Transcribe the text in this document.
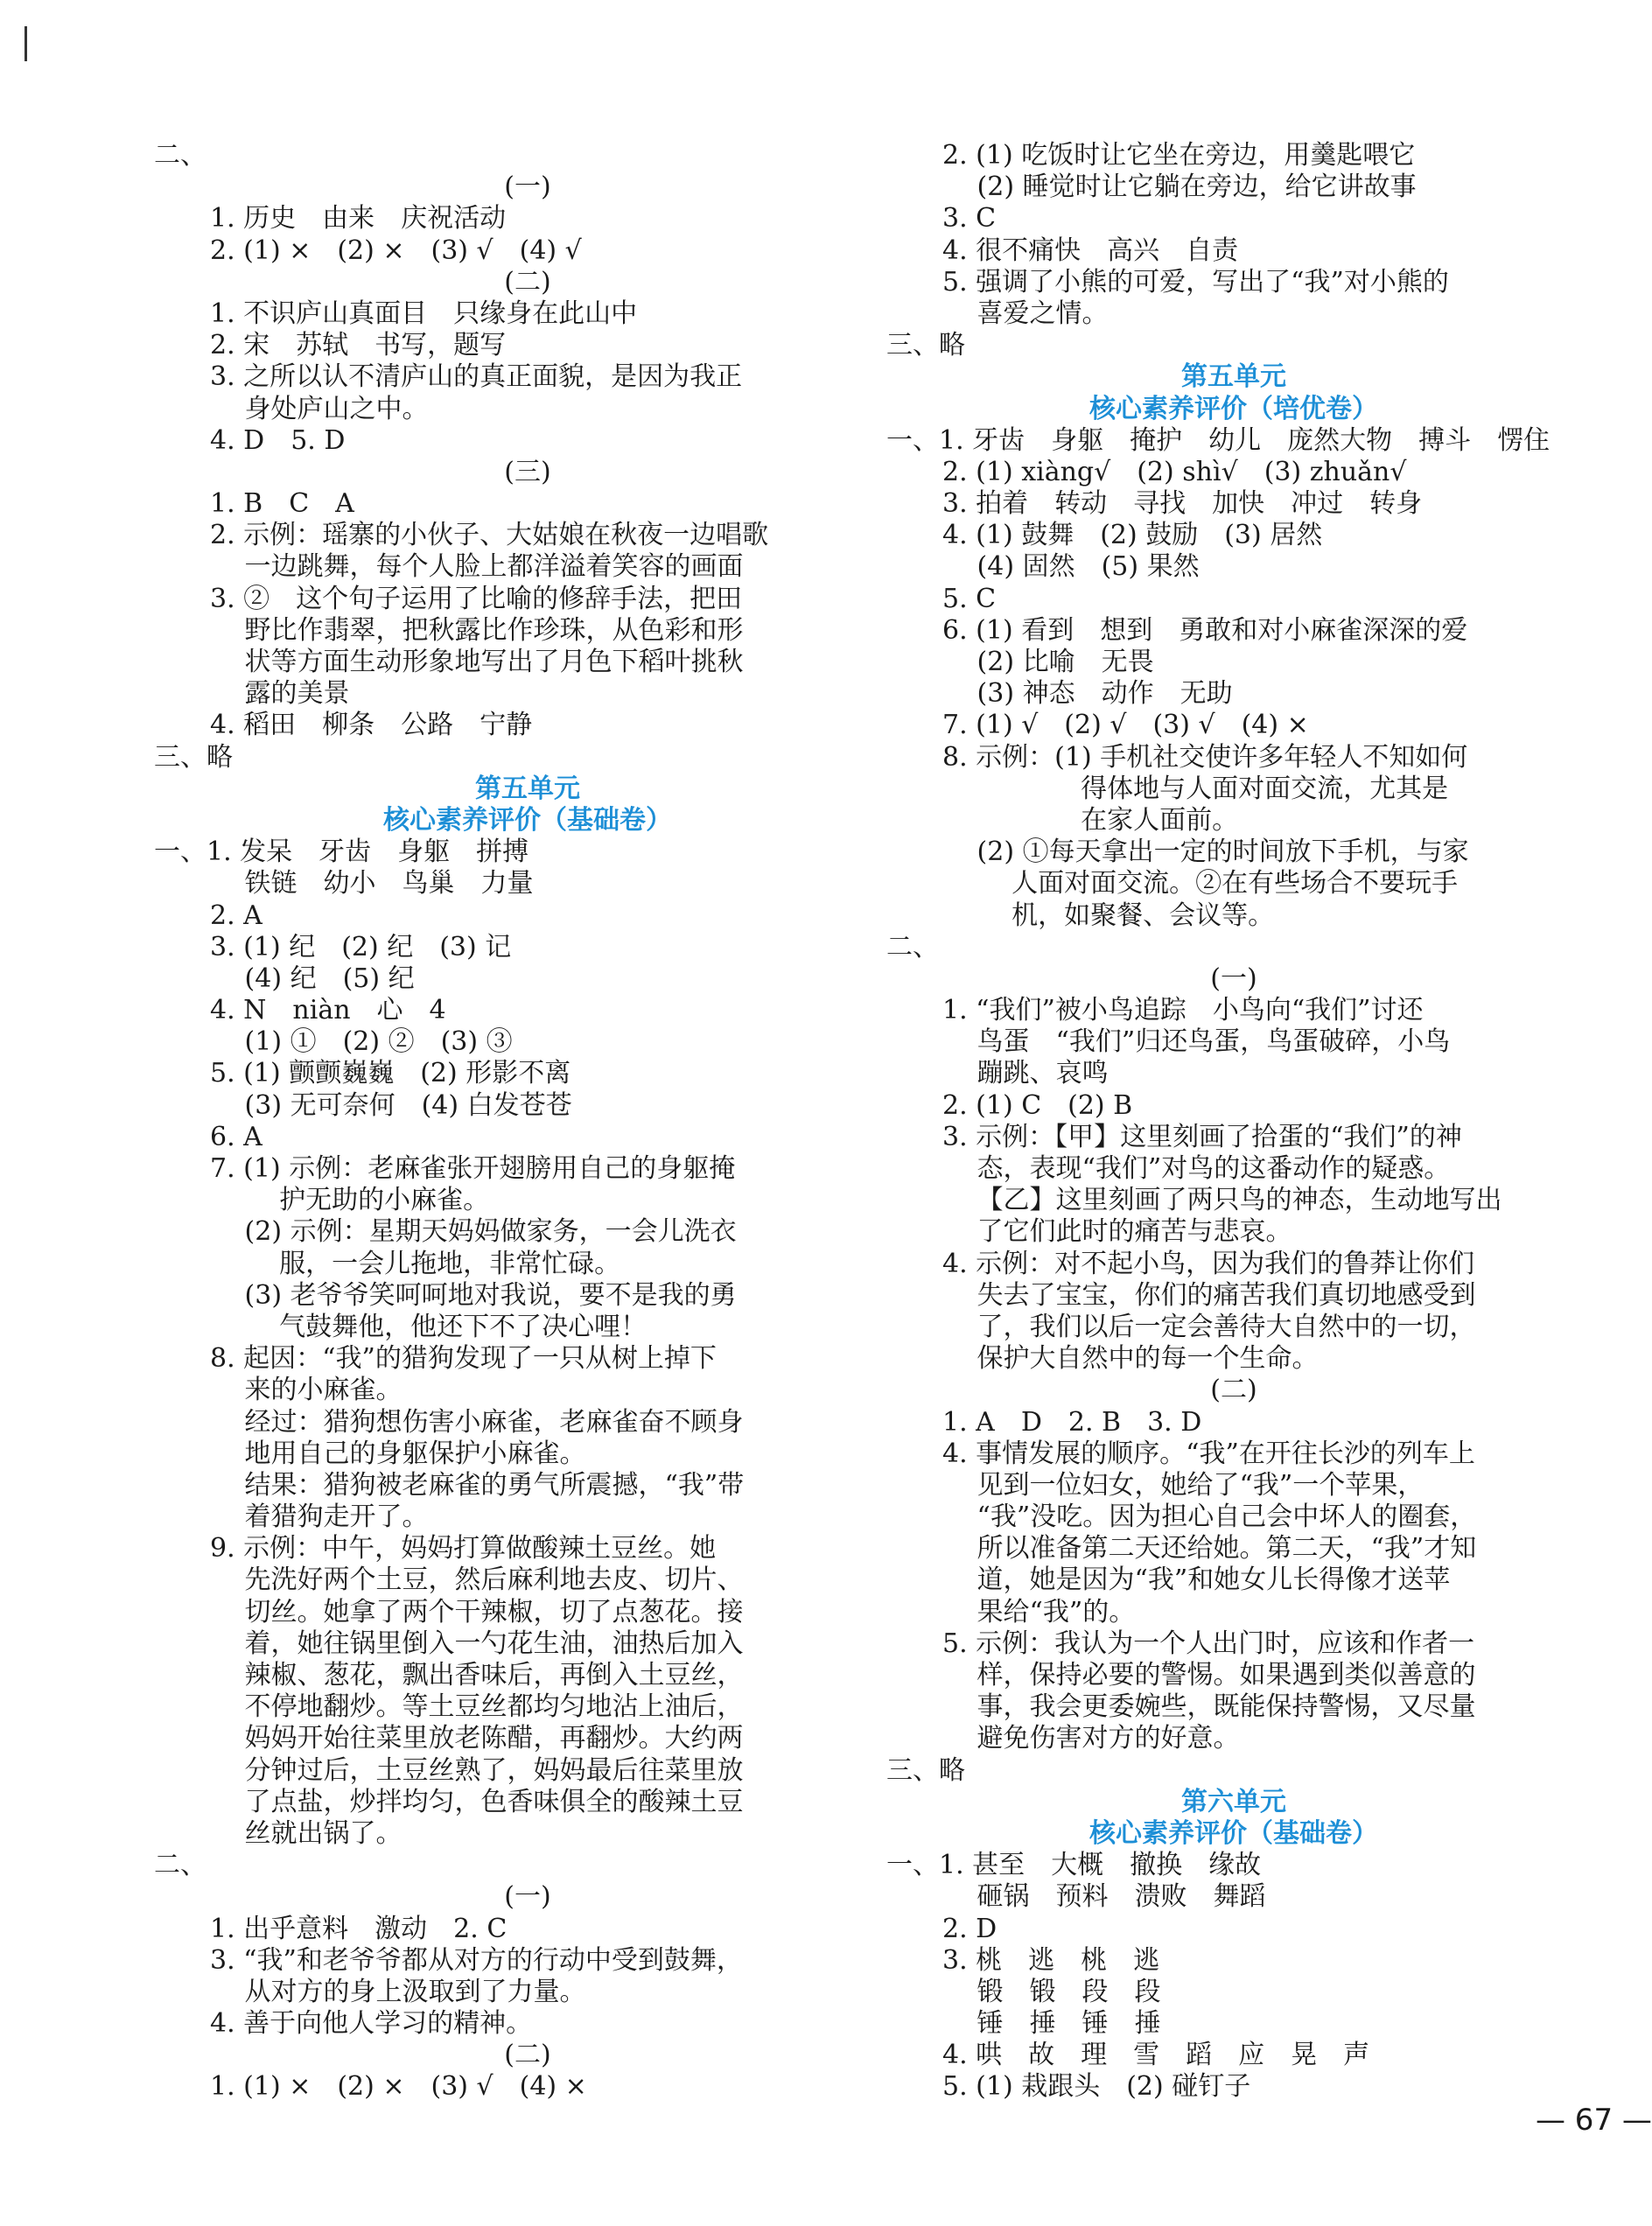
二、
(一)
1. 历史　由来　庆祝活动
2. (1) ×　(2) ×　(3) √　(4) √
(二)
1. 不识庐山真面目　只缘身在此山中
2. 宋　苏轼　书写，题写
3. 之所以认不清庐山的真正面貌，是因为我正
　 身处庐山之中。
4. D　5. D
(三)
1. B　C　A
2. 示例：瑶寨的小伙子、大姑娘在秋夜一边唱歌
　 一边跳舞，每个人脸上都洋溢着笑容的画面
3. ②　这个句子运用了比喻的修辞手法，把田
　 野比作翡翠，把秋露比作珍珠，从色彩和形
　 状等方面生动形象地写出了月色下稻叶挑秋
　 露的美景
4. 稻田　柳条　公路　宁静
三、略
第五单元
核心素养评价（基础卷）
一、1. 发呆　牙齿　身躯　拼搏
　 铁链　幼小　鸟巢　力量
2. A
3. (1) 纪　(2) 纪　(3) 记
　 (4) 纪　(5) 纪
4. N　niàn　心　4
　 (1) ①　(2) ②　(3) ③
5. (1) 颤颤巍巍　(2) 形影不离
　 (3) 无可奈何　(4) 白发苍苍
6. A
7. (1) 示例：老麻雀张开翅膀用自己的身躯掩
　 　 护无助的小麻雀。
　 (2) 示例：星期天妈妈做家务，一会儿洗衣
　 　 服，一会儿拖地，非常忙碌。
　 (3) 老爷爷笑呵呵地对我说，要不是我的勇
　 　 气鼓舞他，他还下不了决心哩！
8. 起因：“我”的猎狗发现了一只从树上掉下
　 来的小麻雀。
　 经过：猎狗想伤害小麻雀，老麻雀奋不顾身
　 地用自己的身躯保护小麻雀。
　 结果：猎狗被老麻雀的勇气所震撼，“我”带
　 着猎狗走开了。
9. 示例：中午，妈妈打算做酸辣土豆丝。她
　 先洗好两个土豆，然后麻利地去皮、切片、
　 切丝。她拿了两个干辣椒，切了点葱花。接
　 着，她往锅里倒入一勺花生油，油热后加入
　 辣椒、葱花，飘出香味后，再倒入土豆丝，
　 不停地翻炒。等土豆丝都均匀地沾上油后，
　 妈妈开始往菜里放老陈醋，再翻炒。大约两
　 分钟过后，土豆丝熟了，妈妈最后往菜里放
　 了点盐，炒拌均匀，色香味俱全的酸辣土豆
　 丝就出锅了。
二、
(一)
1. 出乎意料　激动　2. C
3. “我”和老爷爷都从对方的行动中受到鼓舞，
　 从对方的身上汲取到了力量。
4. 善于向他人学习的精神。
(二)
1. (1) ×　(2) ×　(3) √　(4) ×
2. (1) 吃饭时让它坐在旁边，用羹匙喂它
　 (2) 睡觉时让它躺在旁边，给它讲故事
3. C
4. 很不痛快　高兴　自责
5. 强调了小熊的可爱，写出了“我”对小熊的
　 喜爱之情。
三、略
第五单元
核心素养评价（培优卷）
一、1. 牙齿　身躯　掩护　幼儿　庞然大物　搏斗　愣住
2. (1) xiàng√　(2) shì√　(3) zhuǎn√
3. 拍着　转动　寻找　加快　冲过　转身
4. (1) 鼓舞　(2) 鼓励　(3) 居然
　 (4) 固然　(5) 果然
5. C
6. (1) 看到　想到　勇敢和对小麻雀深深的爱
　 (2) 比喻　无畏
　 (3) 神态　动作　无助
7. (1) √　(2) √　(3) √　(4) ×
8. 示例：(1) 手机社交使许多年轻人不知如何
　 　 　 　 得体地与人面对面交流，尤其是
　 　 　 　 在家人面前。
　 (2) ①每天拿出一定的时间放下手机，与家
　 　 人面对面交流。②在有些场合不要玩手
　 　 机，如聚餐、会议等。
二、
(一)
1. “我们”被小鸟追踪　小鸟向“我们”讨还
　 鸟蛋　“我们”归还鸟蛋，鸟蛋破碎，小鸟
　 蹦跳、哀鸣
2. (1) C　(2) B
3. 示例：【甲】这里刻画了拾蛋的“我们”的神
　 态，表现“我们”对鸟的这番动作的疑惑。
　 【乙】这里刻画了两只鸟的神态，生动地写出
　 了它们此时的痛苦与悲哀。
4. 示例：对不起小鸟，因为我们的鲁莽让你们
　 失去了宝宝，你们的痛苦我们真切地感受到
　 了，我们以后一定会善待大自然中的一切，
　 保护大自然中的每一个生命。
(二)
1. A　D　2. B　3. D
4. 事情发展的顺序。“我”在开往长沙的列车上
　 见到一位妇女，她给了“我”一个苹果，
　 “我”没吃。因为担心自己会中坏人的圈套，
　 所以准备第二天还给她。第二天，“我”才知
　 道，她是因为“我”和她女儿长得像才送苹
　 果给“我”的。
5. 示例：我认为一个人出门时，应该和作者一
　 样，保持必要的警惕。如果遇到类似善意的
　 事，我会更委婉些，既能保持警惕，又尽量
　 避免伤害对方的好意。
三、略
第六单元
核心素养评价（基础卷）
一、1. 甚至　大概　撤换　缘故
　 砸锅　预料　溃败　舞蹈
2. D
3. 桃　逃　桃　逃
　 锻　锻　段　段
　 锤　捶　锤　捶
4. 哄　故　理　雪　蹈　应　晃　声
5. (1) 栽跟头　(2) 碰钉子
— 67 —
